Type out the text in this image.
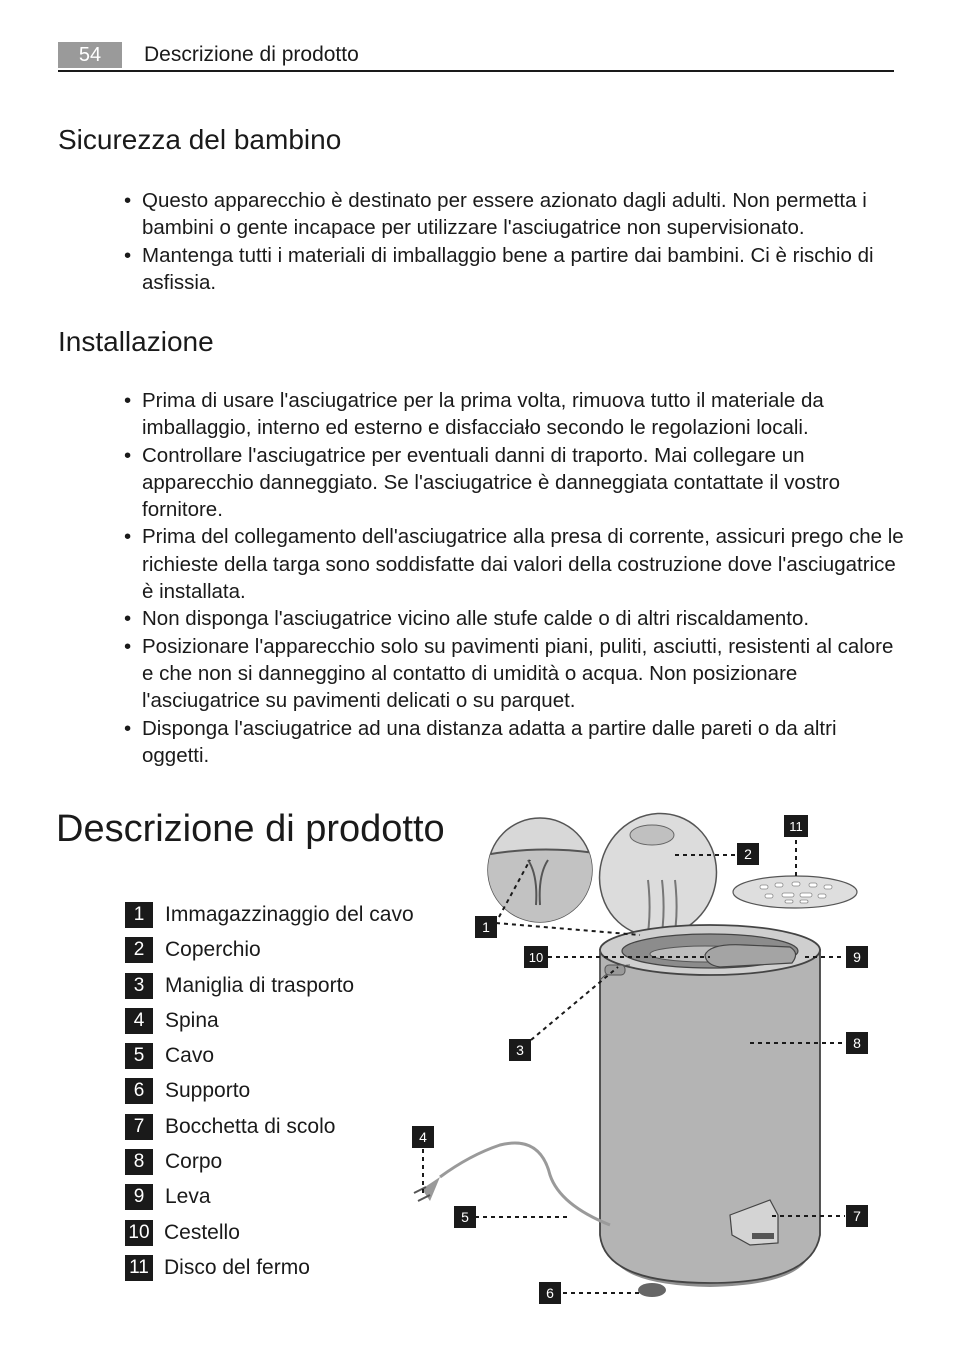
54	Descrizione di prodotto
Sicurezza del bambino
• Questo apparecchio è destinato per essere azionato dagli adulti. Non permetta i bambini o gente incapace per utilizzare l'asciugatrice non supervisionato.
• Mantenga tutti i materiali di imballaggio bene a partire dai bambini. Ci è rischio di asfissia.
Installazione
• Prima di usare l'asciugatrice per la prima volta, rimuova tutto il materiale da imballaggio, interno ed esterno e disfacciało secondo le regolazioni locali.
• Controllare l'asciugatrice per eventuali danni di traporto. Mai collegare un apparecchio danneggiato. Se l'asciugatrice è danneggiata contattate il vostro fornitore.
• Prima del collegamento dell'asciugatrice alla presa di corrente, assicuri prego che le richieste della targa sono soddisfatte dai valori della costruzione dove l'asciugatrice è installata.
• Non disponga l'asciugatrice vicino alle stufe calde o di altri riscaldamento.
• Posizionare l'apparecchio solo su pavimenti piani, puliti, asciutti, resistenti al calore e che non si danneggino al contatto di umidità o acqua. Non posizionare l'asciugatrice su pavimenti delicati o su parquet.
• Disponga l'asciugatrice ad una distanza adatta a partire dalle pareti o da altri oggetti.
Descrizione di prodotto
1 Immagazzinaggio del cavo
2 Coperchio
3 Maniglia di trasporto
4 Spina
5 Cavo
6 Supporto
7 Bocchetta di scolo
8 Corpo
9 Leva
10 Cestello
11 Disco del fermo
1
2
3
4
5
6
7
8
9
10
11
